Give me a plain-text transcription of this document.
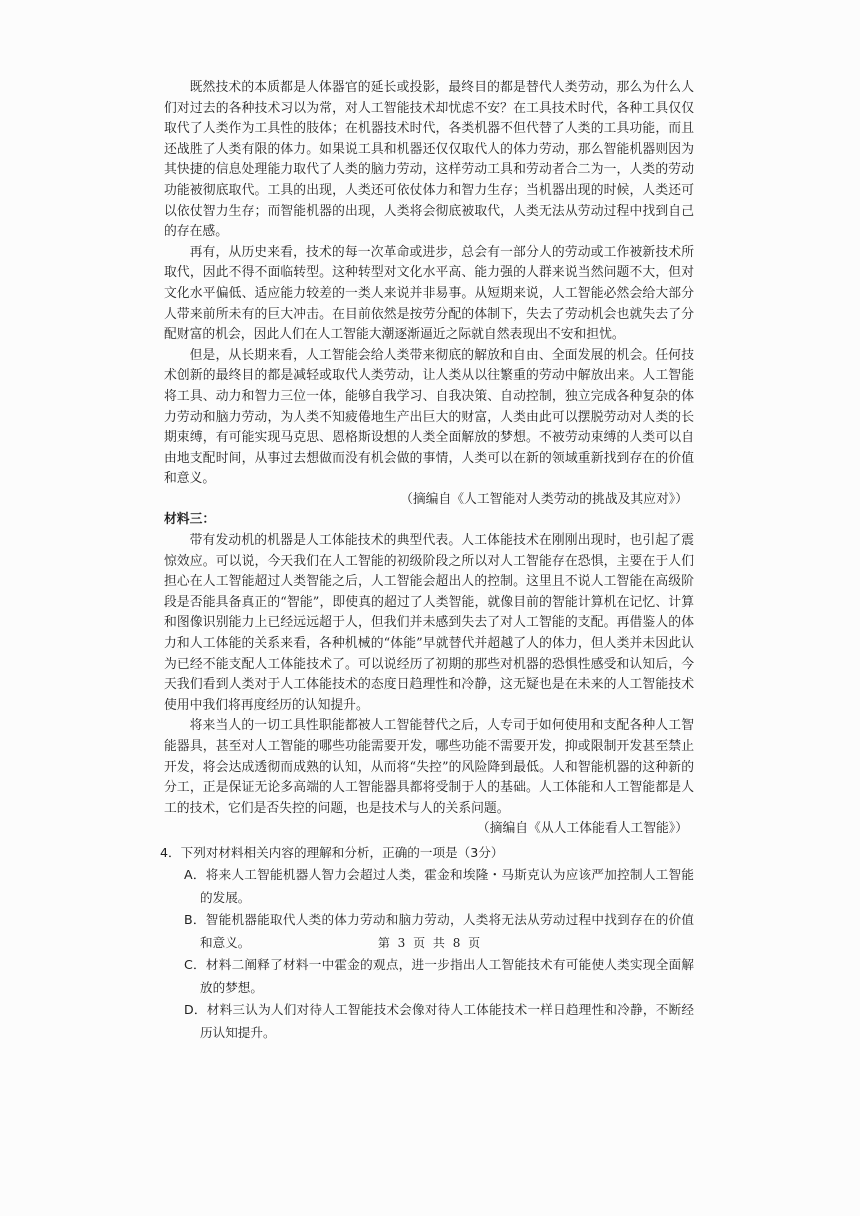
既然技术的本质都是人体器官的延长或投影，最终目的都是替代人类劳动，那么为什么人们对过去的各种技术习以为常，对人工智能技术却忧虑不安？在工具技术时代，各种工具仅仅取代了人类作为工具性的肢体；在机器技术时代，各类机器不但代替了人类的工具功能，而且还战胜了人类有限的体力。如果说工具和机器还仅仅取代人的体力劳动，那么智能机器则因为其快捷的信息处理能力取代了人类的脑力劳动，这样劳动工具和劳动者合二为一，人类的劳动功能被彻底取代。工具的出现，人类还可依仗体力和智力生存；当机器出现的时候，人类还可以依仗智力生存；而智能机器的出现，人类将会彻底被取代，人类无法从劳动过程中找到自己的存在感。

再有，从历史来看，技术的每一次革命或进步，总会有一部分人的劳动或工作被新技术所取代，因此不得不面临转型。这种转型对文化水平高、能力强的人群来说当然问题不大，但对文化水平偏低、适应能力较差的一类人来说并非易事。从短期来说，人工智能必然会给大部分人带来前所未有的巨大冲击。在目前依然是按劳分配的体制下，失去了劳动机会也就失去了分配财富的机会，因此人们在人工智能大潮逐渐逼近之际就自然表现出不安和担忧。

但是，从长期来看，人工智能会给人类带来彻底的解放和自由、全面发展的机会。任何技术创新的最终目的都是减轻或取代人类劳动，让人类从以往繁重的劳动中解放出来。人工智能将工具、动力和智力三位一体，能够自我学习、自我决策、自动控制，独立完成各种复杂的体力劳动和脑力劳动，为人类不知疲倦地生产出巨大的财富，人类由此可以摆脱劳动对人类的长期束缚，有可能实现马克思、恩格斯设想的人类全面解放的梦想。不被劳动束缚的人类可以自由地支配时间，从事过去想做而没有机会做的事情，人类可以在新的领域重新找到存在的价值和意义。

（摘编自《人工智能对人类劳动的挑战及其应对》）

材料三：

带有发动机的机器是人工体能技术的典型代表。人工体能技术在刚刚出现时，也引起了震惊效应。可以说，今天我们在人工智能的初级阶段之所以对人工智能存在恐惧，主要在于人们担心在人工智能超过人类智能之后，人工智能会超出人的控制。这里且不说人工智能在高级阶段是否能具备真正的“智能”，即使真的超过了人类智能，就像目前的智能计算机在记忆、计算和图像识别能力上已经远远超于人，但我们并未感到失去了对人工智能的支配。再借鉴人的体力和人工体能的关系来看，各种机械的“体能”早就替代并超越了人的体力，但人类并未因此认为已经不能支配人工体能技术了。可以说经历了初期的那些对机器的恐惧性感受和认知后，今天我们看到人类对于人工体能技术的态度日趋理性和冷静，这无疑也是在未来的人工智能技术使用中我们将再度经历的认知提升。

将来当人的一切工具性职能都被人工智能替代之后，人专司于如何使用和支配各种人工智能器具，甚至对人工智能的哪些功能需要开发，哪些功能不需要开发，抑或限制开发甚至禁止开发，将会达成透彻而成熟的认知，从而将“失控”的风险降到最低。人和智能机器的这种新的分工，正是保证无论多高端的人工智能器具都将受制于人的基础。人工体能和人工智能都是人工的技术，它们是否失控的问题，也是技术与人的关系问题。

（摘编自《从人工体能看人工智能》）

4．下列对材料相关内容的理解和分析，正确的一项是（3分）

A．将来人工智能机器人智力会超过人类，霍金和埃隆・马斯克认为应该严加控制人工智能的发展。
B．智能机器能取代人类的体力劳动和脑力劳动，人类将无法从劳动过程中找到存在的价值和意义。
C．材料二阐释了材料一中霍金的观点，进一步指出人工智能技术有可能使人类实现全面解放的梦想。
D．材料三认为人们对待人工智能技术会像对待人工体能技术一样日趋理性和冷静，不断经历认知提升。
第 3 页 共 8 页
